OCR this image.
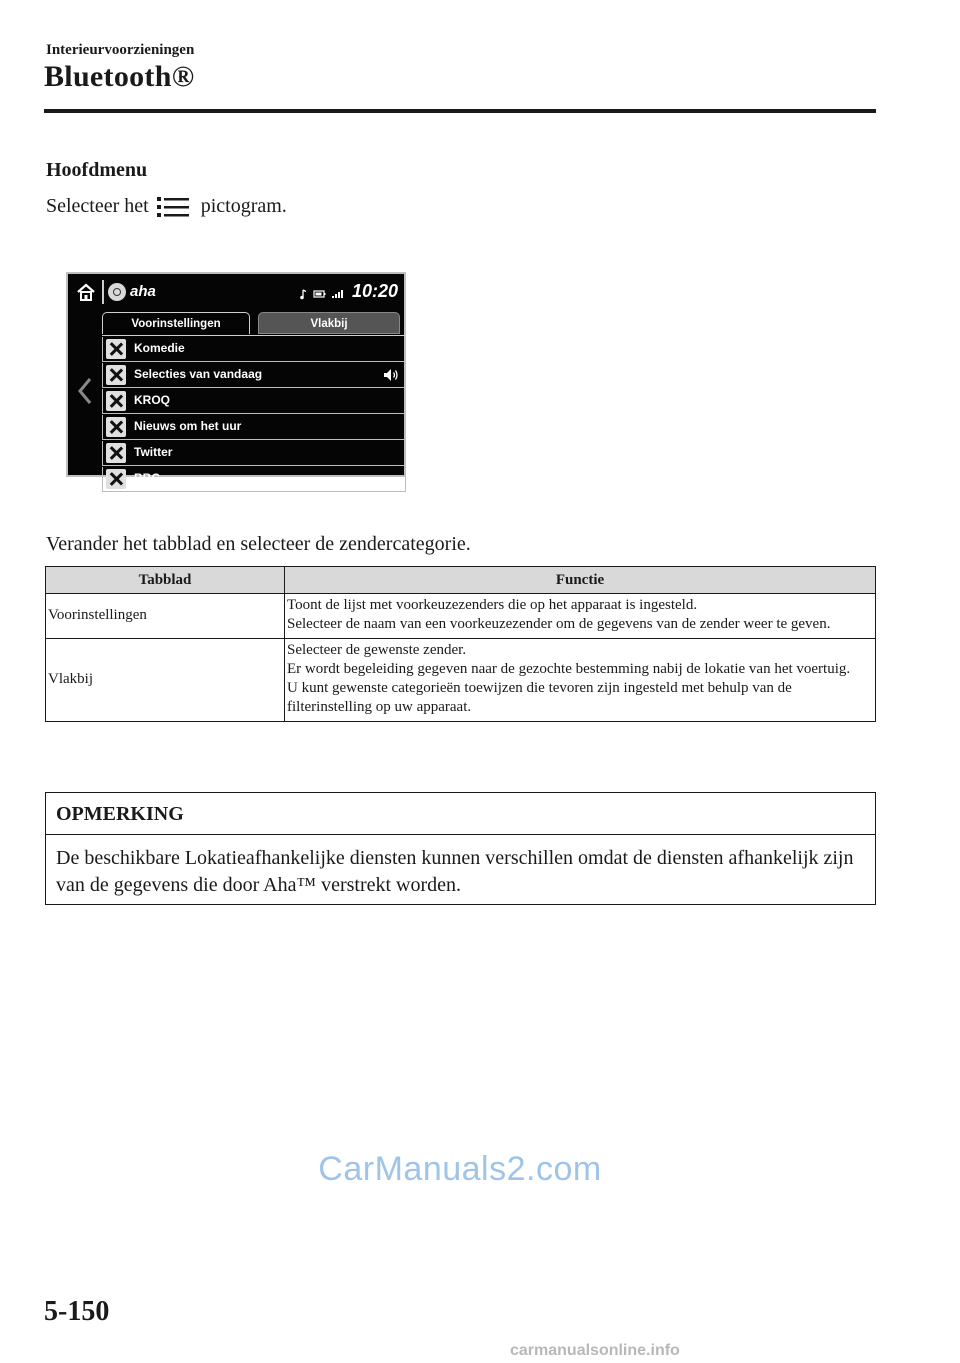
Interieurvoorzieningen
Bluetooth®
Hoofdmenu
Selecteer het	pictogram.
aha	10:20
Voorinstellingen	Vlakbij
Komedie
Selecties van vandaag
KROQ
Nieuws om het uur
Twitter
BBC
Verander het tabblad en selecteer de zendercategorie.
Tabblad	Functie
Voorinstellingen	Toont de lijst met voorkeuzezenders die op het apparaat is ingesteld.

Selecteer de naam van een voorkeuzezender om de gegevens van de zender weer te geven.

Vlakbij	Selecteer de gewenste zender.

Er wordt begeleiding gegeven naar de gezochte bestemming nabij de lokatie van het voertuig.

U kunt gewenste categorieën toewijzen die tevoren zijn ingesteld met behulp van de filterinstelling op uw apparaat.

OPMERKING
De beschikbare Lokatieafhankelijke diensten kunnen verschillen omdat de diensten afhankelijk zijn van de gegevens die door Aha™ verstrekt worden.
CarManuals2.com
5-150
carmanualsonline.info
